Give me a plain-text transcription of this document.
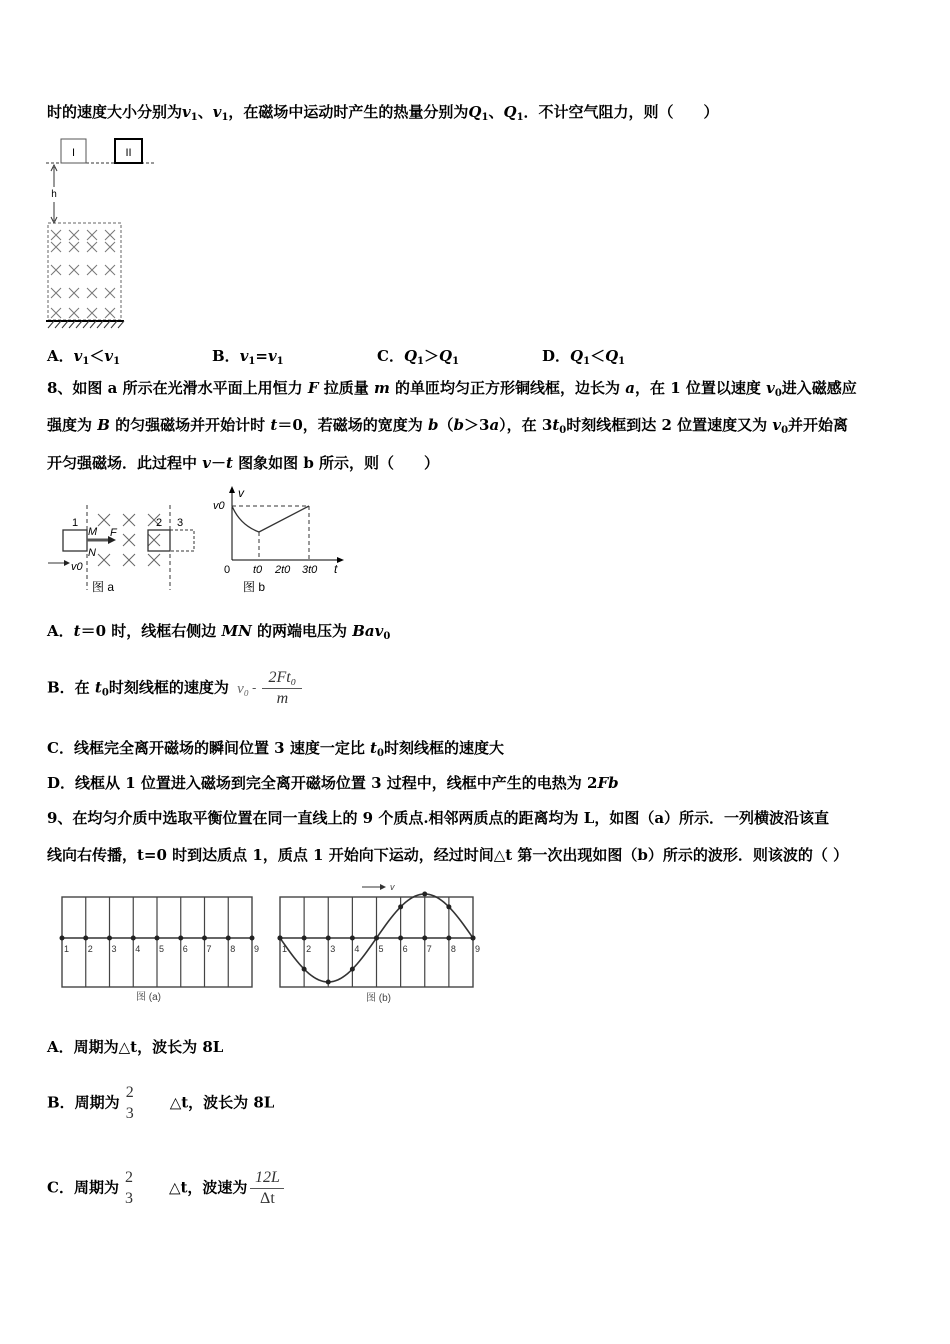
时的速度大小分别为$v_1$、$v_1$，在磁场中运动时产生的热量分别为$Q_1$、$Q_1$．不计空气阻力，则（　　）
8、如图 a 所示在光滑水平面上用恒力 F 拉质量 m 的单匝均匀正方形铜线框，边长为 a，在 1 位置以速度 $v_0$进入磁感应
强度为 B 的匀强磁场并开始计时 t＝0，若磁场的宽度为 b（b＞3a），在 $3t_0$时刻线框到达 2 位置速度又为 $v_0$并开始离
开匀强磁场．此过程中 v－t 图象如图 b 所示，则（　　）
A．t＝0 时，线框右侧边 MN 的两端电压为 Bav$_0$
B．在 $t_0$时刻线框的速度为 $v_0 - \frac{\text{2Ft₀}}{m}$
C．线框完全离开磁场的瞬间位置 3 速度一定比 $t_0$时刻线框的速度大
D．线框从 1 位置进入磁场到完全离开磁场位置 3 过程中，线框中产生的电热为 2Fb
9、在均匀介质中选取平衡位置在同一直线上的 9 个质点.相邻两质点的距离均为 L，如图（a）所示．一列横波沿该直
线向右传播，t=0 时到达质点 1，质点 1 开始向下运动，经过时间△t 第一次出现如图（b）所示的波形．则该波的（ ）
A．周期为△t，波长为 8L
B．周期为
2
3
　　△t，波长为 8L
C．周期为
2
3
　　△t，波速为 $\frac{12L}{\Delta t}$
I	II
h
A．$v_1<v_1$	B．$v_1=v_1$	C．$Q_1>Q_1$	D．$Q_1<Q_1$
1
M F
2 3
N
v0
图 a
v
v0
0 t0 2t0 3t0 t
图 b
1 2 3 4 5 6 7 8 9	1 2 3 4 5 6 7 8 9
v
图 (a)	图 (b)
